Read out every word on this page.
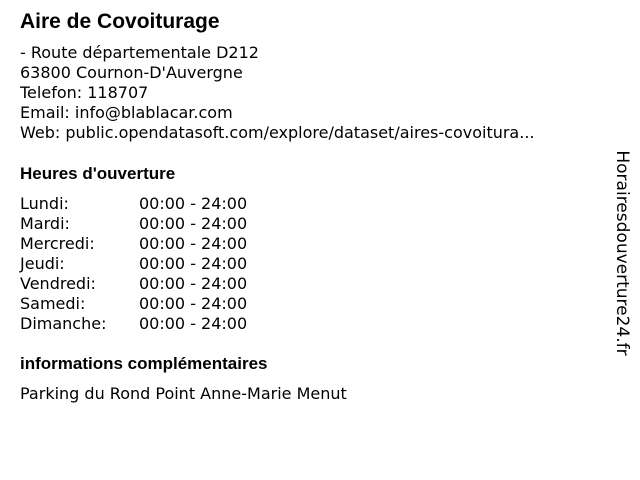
Aire de Covoiturage
- Route départementale D212
63800 Cournon-D'Auvergne
Telefon: 118707
Email: info@blablacar.com
Web: public.opendatasoft.com/explore/dataset/aires-covoitura...
Heures d'ouverture
Lundi:	00:00 - 24:00
Mardi:	00:00 - 24:00
Mercredi:	00:00 - 24:00
Jeudi:	00:00 - 24:00
Vendredi:	00:00 - 24:00
Samedi:	00:00 - 24:00
Dimanche:	00:00 - 24:00
informations complémentaires
Parking du Rond Point Anne-Marie Menut
Horairesdouverture24.fr
